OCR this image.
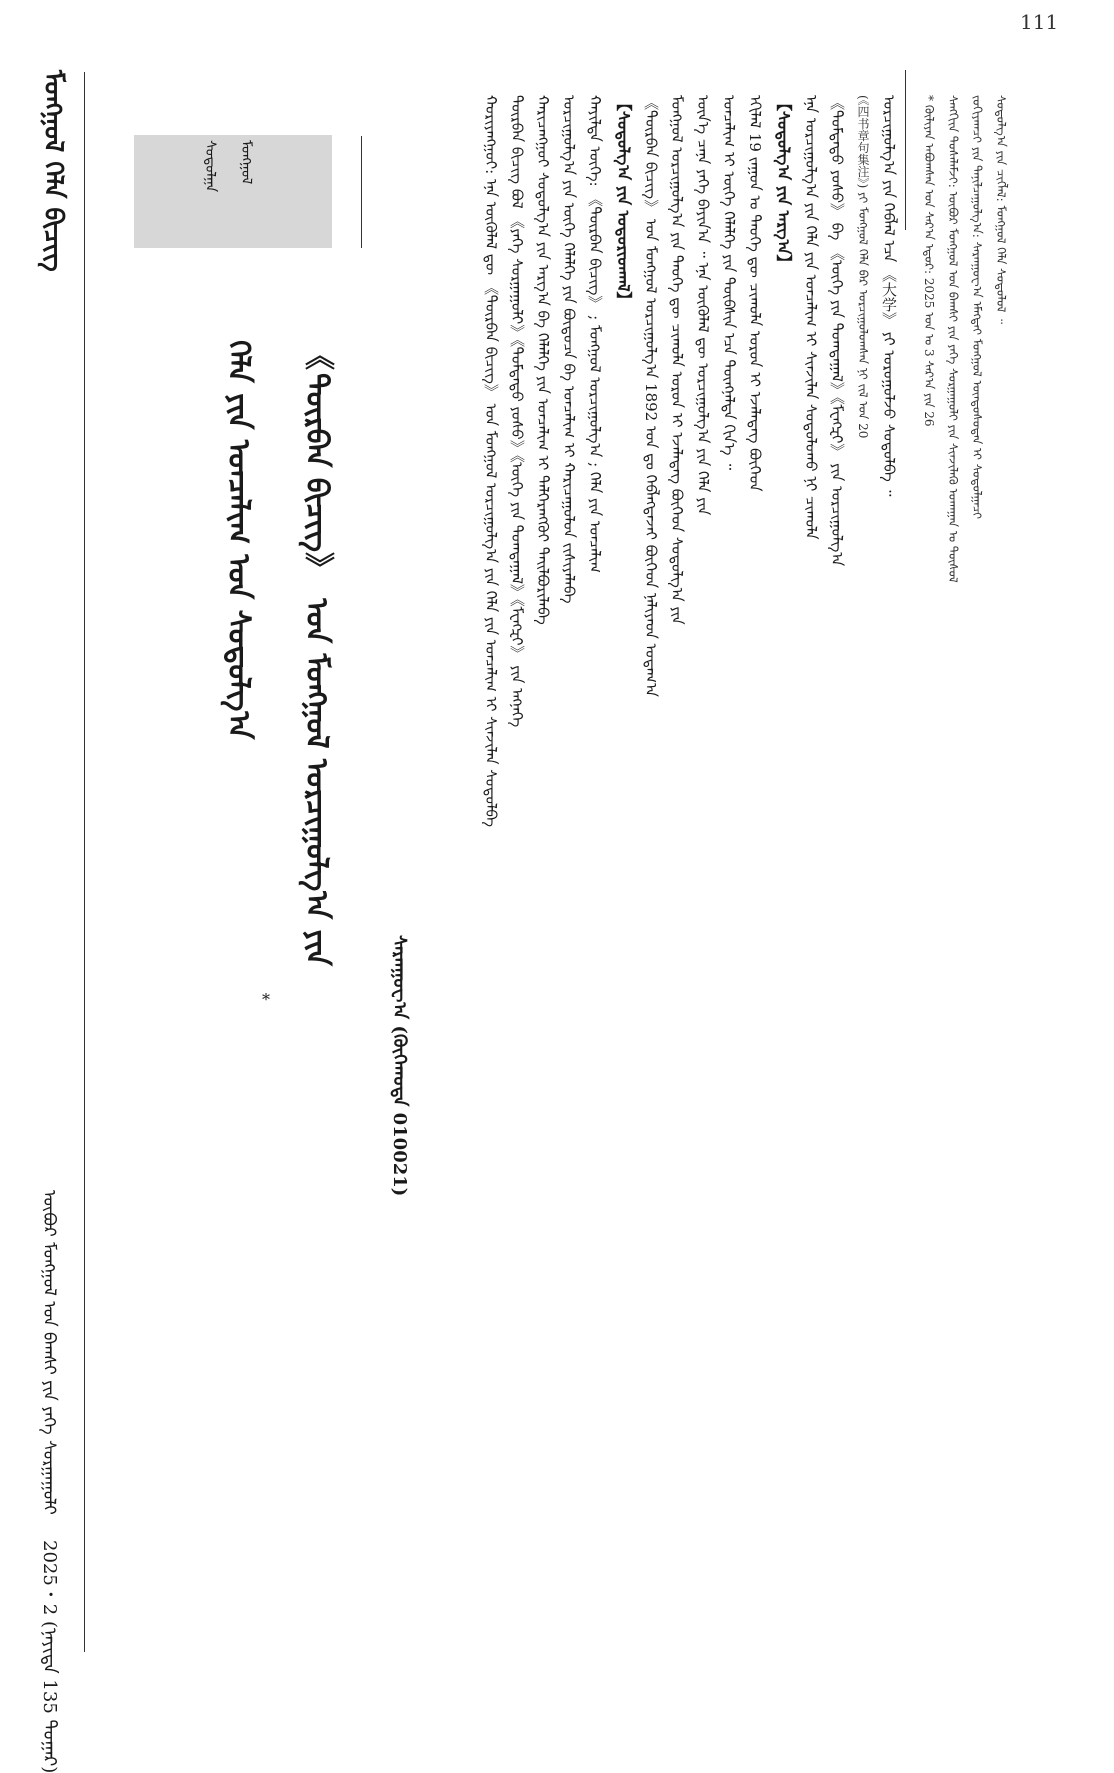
111
ᠮᠣᠩᠭᠣᠯ ᠬᠡᠯᠡ ᠪᠢᠴᠢᠭ
ᠥᠪᠦᠷ ᠮᠣᠩᠭᠣᠯ ᠤᠨ ᠪᠠᠭᠰᠢ ᠶᠢᠨ ᠶᠡᠬᠡ ᠰᠤᠷᠭᠠᠭᠤᠯᠢ
2025・2 (ᠨᠡᠶᠢᠲᠡ 135 ᠳᠤᠭᠠᠷ)
ᠮᠣᠩᠭᠣᠯ
ᠰᠤᠳᠤᠯᠭᠠ
《ᠳᠥᠷᠪᠡᠨ ᠪᠢᠴᠢᠭ》 ᠤᠨ ᠮᠣᠩᠭᠣᠯ ᠣᠷᠴᠢᠭᠤᠯᠭ᠎ᠠ ᠶᠢᠨ
ᠬᠡᠯᠡ ᠶᠢᠨ ᠣᠨᠴᠠᠯᠢᠭ ᠤᠨ ᠰᠤᠳᠤᠯᠭ᠎ᠠ
*	ᠰᠠᠷᠠᠨᠭᠣᠸ᠎ᠠ (ᠬᠥᠬᠡᠬᠣᠲᠠ 010021)
ᠬᠤᠷᠢᠶᠠᠩᠭᠤᠢ: ᠡᠨᠡ ᠥᠭᠦᠯᠡᠯ ᠳᠦ 《ᠳᠥᠷᠪᠡᠨ ᠪᠢᠴᠢᠭ》 ᠤᠨ ᠮᠣᠩᠭᠣᠯ ᠣᠷᠴᠢᠭᠤᠯᠭ᠎ᠠ ᠶᠢᠨ ᠬᠡᠯᠡ ᠶᠢᠨ ᠣᠨᠴᠠᠯᠢᠭ ᠢ ᠰᠢᠨᠵᠢᠯᠡᠨ ᠰᠤᠳᠤᠯᠪᠠ ᠳᠥᠷᠪᠡᠨ ᠪᠢᠴᠢᠭ ᠪᠣᠯ 《ᠶᠡᠬᠡ ᠰᠤᠷᠭᠠᠭᠤᠯᠢ》《ᠳᠤᠮᠳᠠᠳᠤ ᠶᠣᠰᠤ》《ᠦᠭᠡ ᠶᠢᠨ ᠲᠣᠭᠲᠠᠭᠠᠯ》《ᠮᠧᠩᠽᠢ》 ᠶᠢᠨ ᠡᠩᠨᠡᠭᠡ ᠬᠠᠷᠢᠴᠠᠩᠭᠤᠢ ᠰᠤᠳᠤᠯᠭ᠎ᠠ ᠶᠢᠨ ᠠᠷᠭ᠎ᠠ ᠪᠠ ᠬᠡᠯᠡᠯᠭᠡ ᠶᠢᠨ ᠣᠨᠴᠠᠯᠢᠭ ᠢ ᠳᠡᠯᠭᠡᠷᠡᠩᠭᠦᠢ ᠲᠠᠢᠯᠪᠤᠷᠢᠯᠠᠪᠠ ᠣᠷᠴᠢᠭᠤᠯᠭ᠎ᠠ ᠶᠢᠨ ᠦᠭᠡ ᠬᠡᠯᠡᠯᠭᠡ ᠶᠢᠨ ᠪᠦᠲᠦᠴᠡ ᠪᠠ ᠣᠨᠴᠠᠯᠢᠭ ᠢ ᠬᠠᠷᠢᠴᠠᠭᠤᠯᠤᠨ ᠵᠢᠱᠢᠶᠡᠯᠡᠪᠡ ᠬᠠᠶᠢᠯᠲᠠ ᠥᠭᠡ: 《ᠳᠥᠷᠪᠡᠨ ᠪᠢᠴᠢᠭ》 ; ᠮᠣᠩᠭᠣᠯ ᠣᠷᠴᠢᠭᠤᠯᠭ᠎ᠠ ; ᠬᠡᠯᠡ ᠶᠢᠨ ᠣᠨᠴᠠᠯᠢᠭ 【ᠰᠤᠳᠤᠯᠭ᠎ᠠ ᠶᠢᠨ ᠤᠳᠤᠷᠢᠳᠬᠠᠯ】 《ᠳᠥᠷᠪᠡᠨ ᠪᠢᠴᠢᠭ》 ᠤᠨ ᠮᠣᠩᠭᠣᠯ ᠣᠷᠴᠢᠭᠤᠯᠭ᠎ᠠ 1892 ᠣᠨ ᠳᠤ ᠬᠡᠪᠯᠡᠭᠳᠡᠵᠡᠢ ᠪᠥᠭᠡᠳ ᠨᠡᠯᠢᠶᠡᠳ ᠤᠳᠠᠭ᠎ᠠ ᠮᠣᠩᠭᠣᠯ ᠣᠷᠴᠢᠭᠤᠯᠭ᠎ᠠ ᠶᠢᠨ ᠲᠡᠦᠬᠡ ᠳᠦ ᠴᠢᠬᠤᠯᠠ ᠣᠷᠤᠨ ᠢ ᠡᠵᠡᠯᠡᠳᠡᠭ ᠪᠥᠭᠡᠳ ᠰᠤᠳᠤᠯᠭ᠎ᠠ ᠶᠢᠨ ᠦᠨ᠎ᠡ ᠴᠡᠨᠡ ᠶᠡᠬᠡ ᠪᠠᠶᠢᠨ᠎ᠠ ᠃ ᠡᠨᠡ ᠥᠭᠦᠯᠡᠯ ᠳᠦ ᠣᠷᠴᠢᠭᠤᠯᠭ᠎ᠠ ᠶᠢᠨ ᠬᠡᠯᠡ ᠶᠢᠨ ᠣᠨᠴᠠᠯᠢᠭ ᠢ ᠦᠭᠡ ᠬᠡᠯᠡᠯᠭᠡ ᠶᠢᠨ ᠲᠦᠪᠰᠢᠨ ᠡᠴᠡ ᠳᠦᠩᠨᠡᠯᠲᠡ ᠬᠢᠨ᠎ᠡ ᠃ ᠡᠬᠢᠯᠡᠯ 19 ᠵᠠᠭᠤᠨ ᠤ ᠲᠡᠦᠬᠡ ᠳᠦ ᠴᠢᠬᠤᠯᠠ ᠣᠷᠤᠨ ᠢ ᠡᠵᠡᠯᠡᠳᠡᠭ ᠪᠥᠭᠡᠳ 【ᠰᠤᠳᠤᠯᠭ᠎ᠠ ᠶᠢᠨ ᠠᠷᠭ᠎ᠠ】 ᠡᠨᠡ ᠣᠷᠴᠢᠭᠤᠯᠭ᠎ᠠ ᠶᠢᠨ ᠬᠡᠯᠡ ᠶᠢᠨ ᠣᠨᠴᠠᠯᠢᠭ ᠢ ᠰᠢᠨᠵᠢᠯᠡᠨ ᠰᠤᠳᠤᠯᠤᠬᠤ ᠨᠢ ᠴᠢᠬᠤᠯᠠ 《ᠳᠤᠮᠳᠠᠳᠤ ᠶᠣᠰᠤ》 ᠪᠠ 《ᠦᠭᠡ ᠶᠢᠨ ᠲᠣᠭᠲᠠᠭᠠᠯ》《ᠮᠧᠩᠽᠢ》 ᠶᠢᠨ ᠣᠷᠴᠢᠭᠤᠯᠭ᠎ᠠ (《四书章句集注》) ᠶᠢ ᠮᠣᠩᠭᠣᠯ ᠬᠡᠯᠡ ᠪᠡᠷ ᠣᠷᠴᠢᠭᠤᠯᠤᠭᠰᠠᠨ ᠨᠢ ᠵᠢᠯ ᠤᠨ 20 ᠣᠷᠴᠢᠭᠤᠯᠭ᠎ᠠ ᠶᠢᠨ ᠬᠡᠪᠯᠡᠯ ᠡᠴᠡ 《大学》 ᠶᠢ ᠣᠷᠤᠭᠤᠯᠵᠤ ᠰᠤᠳᠤᠯᠪᠠ ᠃	* ᠬᠦᠯᠢᠶᠡᠨ ᠠᠪᠤᠭᠰᠠᠨ ᠣᠨ ᠰᠠᠷ᠎ᠠ ᠡᠳᠦᠷ: 2025 ᠣᠨ ᠤ 3 ᠰᠠᠷ᠎ᠠ ᠶᠢᠨ 26 ᠰᠠᠩᠭᠢᠢᠨ ᠲᠤᠰᠠᠯᠠᠮᠵᠢ: ᠥᠪᠦᠷ ᠮᠣᠩᠭᠣᠯ ᠤᠨ ᠪᠠᠭᠰᠢ ᠶᠢᠨ ᠶᠡᠬᠡ ᠰᠤᠷᠭᠠᠭᠤᠯᠢ ᠶᠢᠨ ᠰᠢᠨᠵᠢᠯᠡᠬᠦ ᠤᠬᠠᠭᠠᠨ ᠤ ᠲᠥᠰᠥᠯ ᠵᠣᠬᠢᠶᠠᠭᠴᠢ ᠶᠢᠨ ᠲᠠᠨᠢᠯᠴᠠᠭᠤᠯᠭ᠎ᠠ: ᠰᠠᠷᠠᠨᠭᠣᠸ᠎ᠠ ᠡᠮᠡᠭᠲᠡᠢ ᠮᠣᠩᠭᠣᠯ ᠦᠨᠳᠦᠰᠦᠲᠡᠨ ᠢ ᠰᠤᠳᠤᠯᠭᠠᠴᠢ ᠰᠤᠳᠤᠯᠭ᠎ᠠ ᠶᠢᠨ ᠴᠢᠭᠯᠡᠯ: ᠮᠣᠩᠭᠣᠯ ᠬᠡᠯᠡ ᠰᠤᠳᠤᠯᠤᠯ ᠃
